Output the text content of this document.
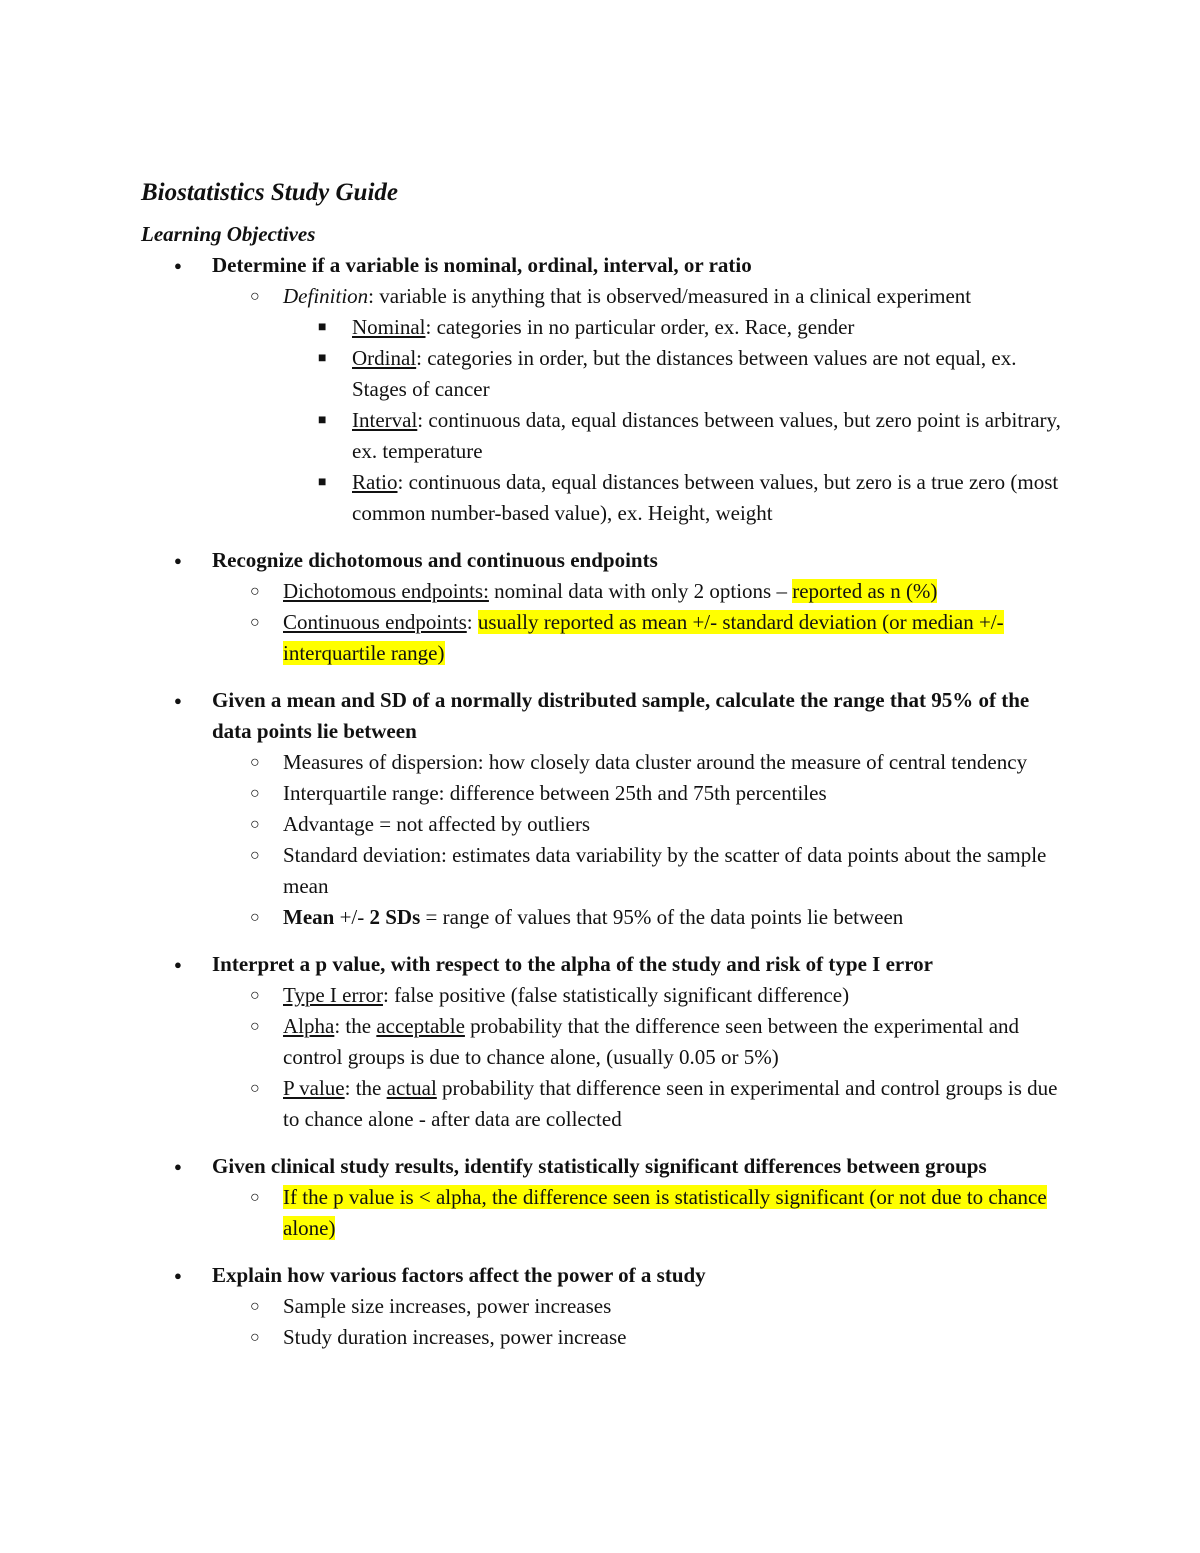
Biostatistics Study Guide
Learning Objectives
● Determine if a variable is nominal, ordinal, interval, or ratio
○ Definition: variable is anything that is observed/measured in a clinical experiment
■ Nominal: categories in no particular order, ex. Race, gender
■ Ordinal: categories in order, but the distances between values are not equal, ex. Stages of cancer
■ Interval: continuous data, equal distances between values, but zero point is arbitrary, ex. temperature
■ Ratio: continuous data, equal distances between values, but zero is a true zero (most common number-based value), ex. Height, weight
● Recognize dichotomous and continuous endpoints
○ Dichotomous endpoints: nominal data with only 2 options – reported as n (%)
○ Continuous endpoints: usually reported as mean +/- standard deviation (or median +/- interquartile range)
● Given a mean and SD of a normally distributed sample, calculate the range that 95% of the data points lie between
○ Measures of dispersion: how closely data cluster around the measure of central tendency
○ Interquartile range: difference between 25th and 75th percentiles
○ Advantage = not affected by outliers
○ Standard deviation: estimates data variability by the scatter of data points about the sample mean
○ Mean +/- 2 SDs = range of values that 95% of the data points lie between
● Interpret a p value, with respect to the alpha of the study and risk of type I error
○ Type I error: false positive (false statistically significant difference)
○ Alpha: the acceptable probability that the difference seen between the experimental and control groups is due to chance alone, (usually 0.05 or 5%)
○ P value: the actual probability that difference seen in experimental and control groups is due to chance alone - after data are collected
● Given clinical study results, identify statistically significant differences between groups
○ If the p value is < alpha, the difference seen is statistically significant (or not due to chance alone)
● Explain how various factors affect the power of a study
○ Sample size increases, power increases
○ Study duration increases, power increase
